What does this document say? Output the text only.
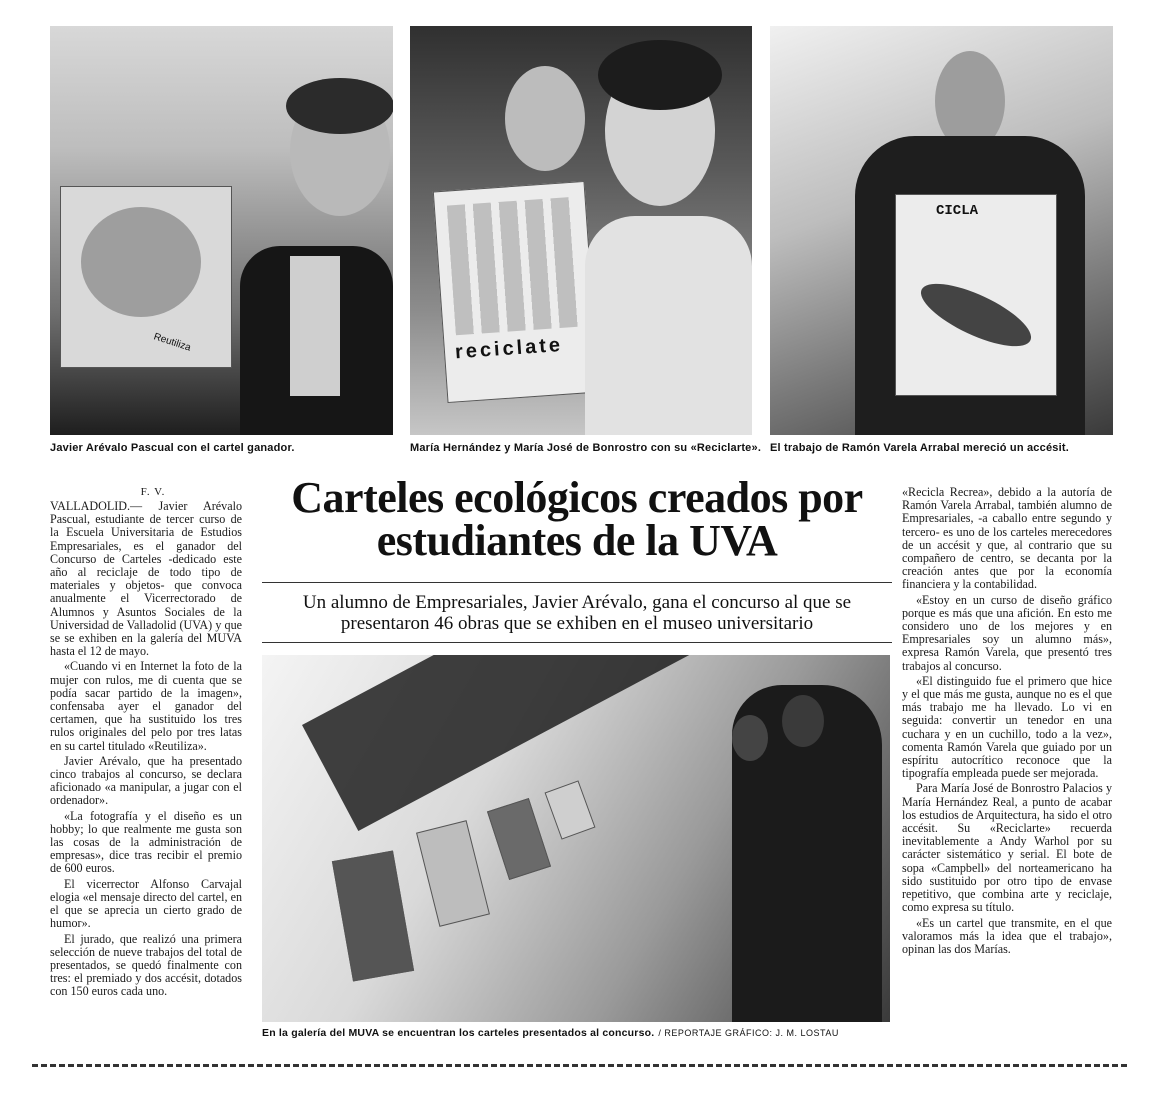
Reutiliza
Javier Arévalo Pascual con el cartel ganador.
reciclate
María Hernández y María José de Bonrostro con su «Reciclarte».
CICLA
El trabajo de Ramón Varela Arrabal mereció un accésit.

F. V.

VALLADOLID.— Javier Arévalo Pascual, estudiante de tercer curso de la Escuela Universitaria de Estudios Empresariales, es el ganador del Concurso de Carteles -dedicado este año al reciclaje de todo tipo de materiales y objetos- que convoca anualmente el Vicerrectorado de Alumnos y Asuntos Sociales de la Universidad de Valladolid (UVA) y que se se exhiben en la galería del MUVA hasta el 12 de mayo.

«Cuando vi en Internet la foto de la mujer con rulos, me di cuenta que se podía sacar partido de la imagen», confensaba ayer el ganador del certamen, que ha sustituido los tres rulos originales del pelo por tres latas en su cartel titulado «Reutiliza».

Javier Arévalo, que ha presentado cinco trabajos al concurso, se declara aficionado «a manipular, a jugar con el ordenador».

«La fotografía y el diseño es un hobby; lo que realmente me gusta son las cosas de la administración de empresas», dice tras recibir el premio de 600 euros.

El vicerrector Alfonso Carvajal elogia «el mensaje directo del cartel, en el que se aprecia un cierto grado de humor».

El jurado, que realizó una primera selección de nueve trabajos del total de presentados, se quedó finalmente con tres: el premiado y dos accésit, dotados con 150 euros cada uno.

Carteles ecológicos creados por estudiantes de la UVA
Un alumno de Empresariales, Javier Arévalo, gana el concurso al que se presentaron 46 obras que se exhiben en el museo universitario
En la galería del MUVA se encuentran los carteles presentados al concurso. / REPORTAJE GRÁFICO: J. M. LOSTAU

«Recicla Recrea», debido a la autoría de Ramón Varela Arrabal, también alumno de Empresariales, -a caballo entre segundo y tercero- es uno de los carteles merecedores de un accésit y que, al contrario que su compañero de centro, se decanta por la creación antes que por la economía financiera y la contabilidad.

«Estoy en un curso de diseño gráfico porque es más que una afición. En esto me considero uno de los mejores y en Empresariales soy un alumno más», expresa Ramón Varela, que presentó tres trabajos al concurso.

«El distinguido fue el primero que hice y el que más me gusta, aunque no es el que más trabajo me ha llevado. Lo vi en seguida: convertir un tenedor en una cuchara y en un cuchillo, todo a la vez», comenta Ramón Varela que guiado por un espíritu autocrítico reconoce que la tipografía empleada puede ser mejorada.

Para María José de Bonrostro Palacios y María Hernández Real, a punto de acabar los estudios de Arquitectura, ha sido el otro accésit. Su «Reciclarte» recuerda inevitablemente a Andy Warhol por su carácter sistemático y serial. El bote de sopa «Campbell» del norteamericano ha sido sustituido por otro tipo de envase repetitivo, que combina arte y reciclaje, como expresa su título.

«Es un cartel que transmite, en el que valoramos más la idea que el trabajo», opinan las dos Marías.
